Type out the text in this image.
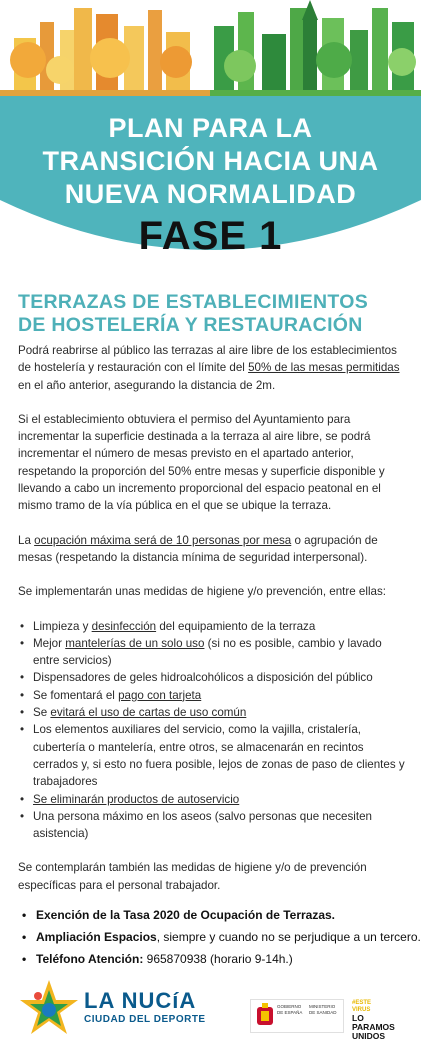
PLAN PARA LA
TRANSICIÓN HACIA UNA
NUEVA NORMALIDAD
FASE 1
TERRAZAS DE ESTABLECIMIENTOS
DE HOSTELERÍA Y RESTAURACIÓN

Podrá reabrirse al público las terrazas al aire libre de los establecimientos de hostelería y restauración con el límite del 50% de las mesas permitidas en el año anterior, asegurando la distancia de 2m.

Si el establecimiento obtuviera el permiso del Ayuntamiento para incrementar la superficie destinada a la terraza al aire libre, se podrá incrementar el número de mesas previsto en el apartado anterior, respetando la proporción del 50% entre mesas y superficie disponible y llevando a cabo un incremento proporcional del espacio peatonal en el mismo tramo de la vía pública en el que se ubique la terraza.

La ocupación máxima será de 10 personas por mesa o agrupación de mesas (respetando la distancia mínima de seguridad interpersonal).

Se implementarán unas medidas de higiene y/o prevención, entre ellas:

• Limpieza y desinfección del equipamiento de la terraza
• Mejor mantelerías de un solo uso (si no es posible, cambio y lavado entre servicios)
• Dispensadores de geles hidroalcohólicos a disposición del público
• Se fomentará el pago con tarjeta
• Se evitará el uso de cartas de uso común
• Los elementos auxiliares del servicio, como la vajilla, cristalería, cubertería o mantelería, entre otros, se almacenarán en recintos cerrados y, si esto no fuera posible, lejos de zonas de paso de clientes y trabajadores
• Se eliminarán productos de autoservicio
• Una persona máximo en los aseos (salvo personas que necesiten asistencia)

Se contemplarán también las medidas de higiene y/o de prevención específicas para el personal trabajador.

• Exención de la Tasa 2020 de Ocupación de Terrazas.
• Ampliación Espacios, siempre y cuando no se perjudique a un tercero.
• Teléfono Atención: 965870938 (horario 9-14h.)
LA NUCíA
CIUDAD DEL DEPORTE
GOBIERNO
DE ESPAÑA
MINISTERIO
DE SANIDAD
#ESTE
VIRUS
LO
PARAMOS
UNIDOS
